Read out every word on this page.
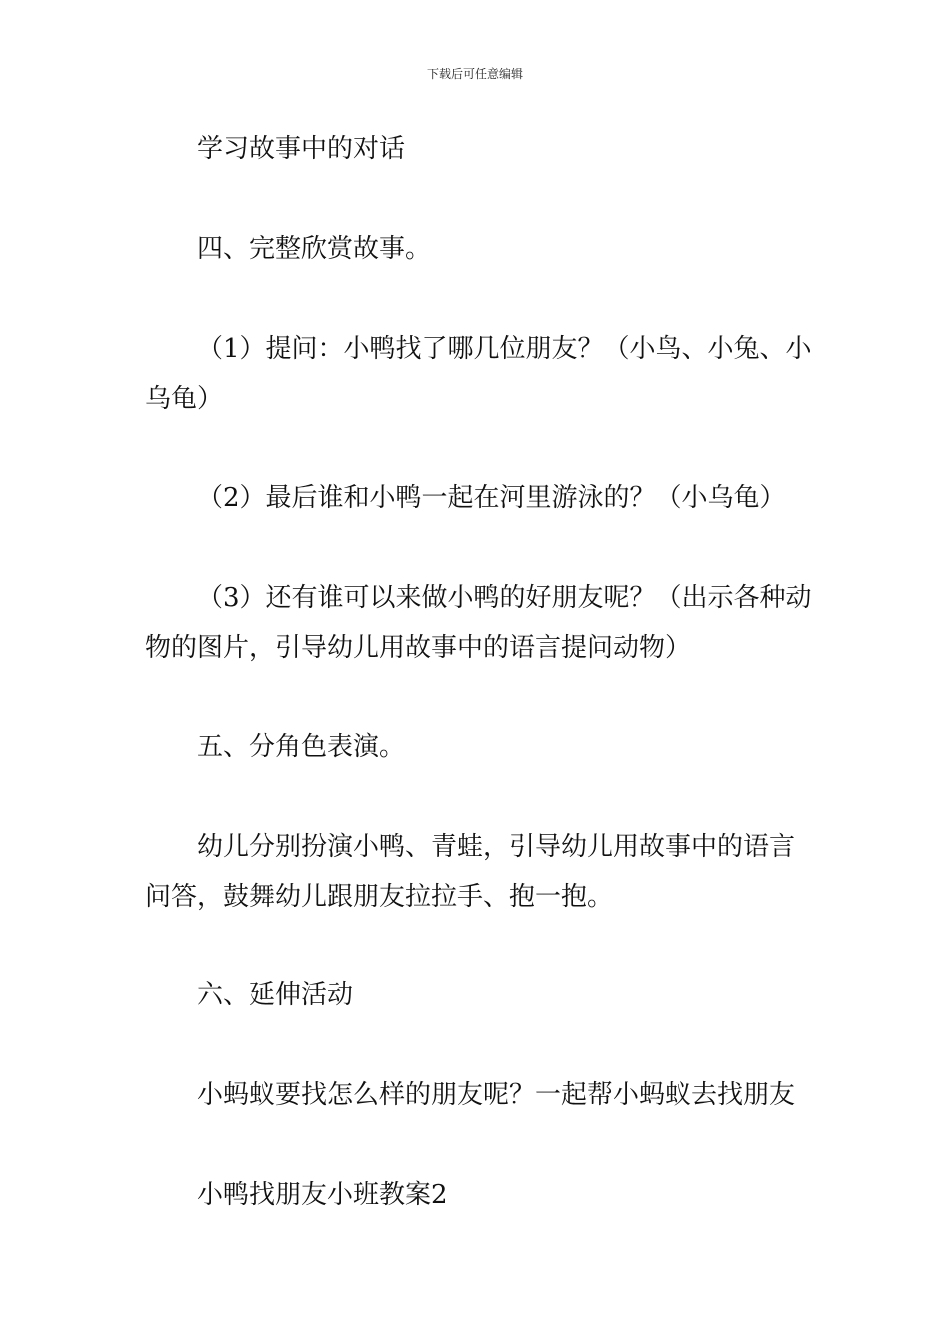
下载后可任意编辑
学习故事中的对话
四、完整欣赏故事。
（1）提问：小鸭找了哪几位朋友？（小鸟、小兔、小
乌龟）
（2）最后谁和小鸭一起在河里游泳的？（小乌龟）
（3）还有谁可以来做小鸭的好朋友呢？（出示各种动
物的图片，引导幼儿用故事中的语言提问动物）
五、分角色表演。
幼儿分别扮演小鸭、青蛙，引导幼儿用故事中的语言
问答，鼓舞幼儿跟朋友拉拉手、抱一抱。
六、延伸活动
小蚂蚁要找怎么样的朋友呢？一起帮小蚂蚁去找朋友
小鸭找朋友小班教案2
